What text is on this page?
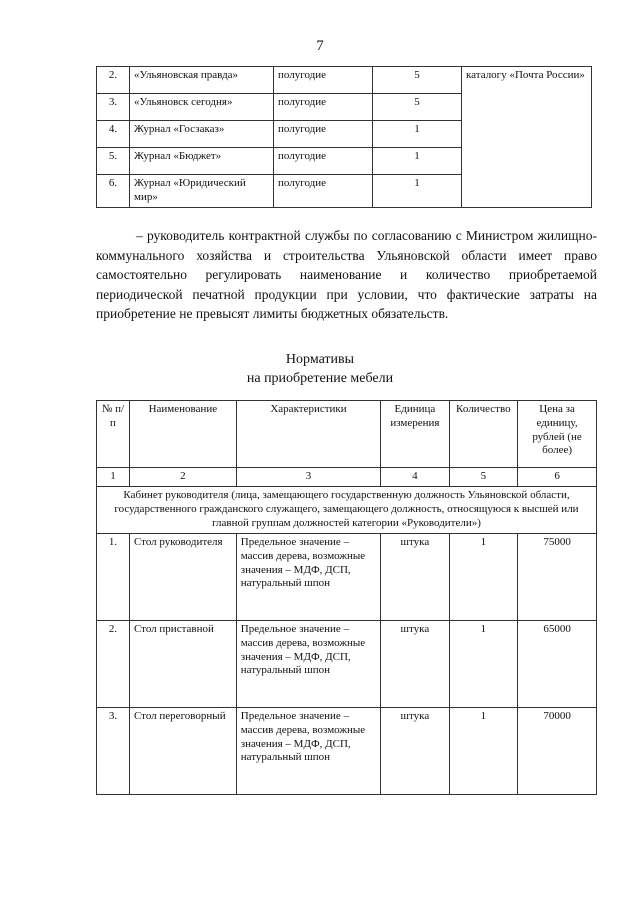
7
2.	«Ульяновская правда»	полугодие	5	каталогу «Почта России»
3.	«Ульяновск сегодня»	полугодие	5	
4.	Журнал «Госзаказ»	полугодие	1	
5.	Журнал «Бюджет»	полугодие	1	
6.	Журнал «Юридический мир»	полугодие	1	

– руководитель контрактной службы по согласованию с Министром жилищно-коммунального хозяйства и строительства Ульяновской области имеет право самостоятельно регулировать наименование и количество приобретаемой периодической печатной продукции при условии, что фактические затраты на приобретение не превысят лимиты бюджетных обязательств.

Нормативы
на приобретение мебели
№ п/п	Наименование	Характеристики	Единица измерения	Количество	Цена за единицу, рублей (не более)
1	2	3	4	5	6
Кабинет руководителя (лица, замещающего государственную должность Ульяновской области, государственного гражданского служащего, замещающего должность, относящуюся к высшей или главной группам должностей категории «Руководители»)					
1.	Стол руководителя	Предельное значение – массив дерева, возможные значения – МДФ, ДСП, натуральный шпон	штука	1	75000
2.	Стол приставной	Предельное значение – массив дерева, возможные значения – МДФ, ДСП, натуральный шпон	штука	1	65000
3.	Стол переговорный	Предельное значение – массив дерева, возможные значения – МДФ, ДСП, натуральный шпон	штука	1	70000
